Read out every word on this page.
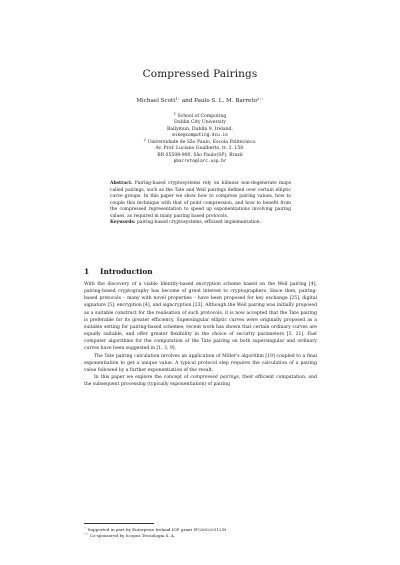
Compressed Pairings
Michael Scott$^{1⋆}$ and Paulo S. L. M. Barreto$^{2⋆⋆}$
$^1$ School of Computing
Dublin City University
Ballymun, Dublin 9, Ireland.
mike@computing.dcu.ie
$^2$ Universidade de São Paulo, Escola Politécnica.
Av. Prof. Luciano Gualberto, tr. 3, 158.
BR 05508-900, São Paulo(SP), Brazil
pbarreto@larc.usp.br
Abstract. Pairing-based cryptosystems rely on bilinear non-degenerate maps called pairings, such as the Tate and Weil pairings defined over certain elliptic curve groups. In this paper we show how to compress pairing values, how to couple this technique with that of point compression, and how to benefit from the compressed representation to speed up exponentiations involving pairing values, as required in many pairing based protocols.
Keywords: pairing-based cryptosystems, efficient implementation.
1 Introduction

With the discovery of a viable Identity-based encryption scheme based on the Weil pairing [4], pairing-based cryptography has become of great interest to cryptographers. Since then, pairing-based protocols – many with novel properties – have been proposed for key exchange [25], digital signature [5], encryption [4], and signcryption [23]. Although the Weil pairing was initially proposed as a suitable construct for the realisation of such protocols, it is now accepted that the Tate pairing is preferable for its greater efficiency. Supersingular elliptic curves were originally proposed as a suitable setting for pairing-based schemes; recent work has shown that certain ordinary curves are equally suitable, and offer greater flexibility in the choice of security parameters [3, 21]. Fast computer algorithms for the computation of the Tate pairing on both supersingular and ordinary curves have been suggested in [1, 3, 9].

The Tate pairing calculation involves an application of Miller's algorithm [19] coupled to a final exponentiation to get a unique value. A typical protocol step requires the calculation of a pairing value followed by a further exponentiation of the result.

In this paper we explore the concept of compressed pairings, their efficient computation, and the subsequent processing (typically exponentiation) of pairing

⋆ Supported in part by Enterprise Ireland IOF grant IF/2002/0312/N
⋆⋆ Co-sponsored by Scopus Tecnologia S. A.
